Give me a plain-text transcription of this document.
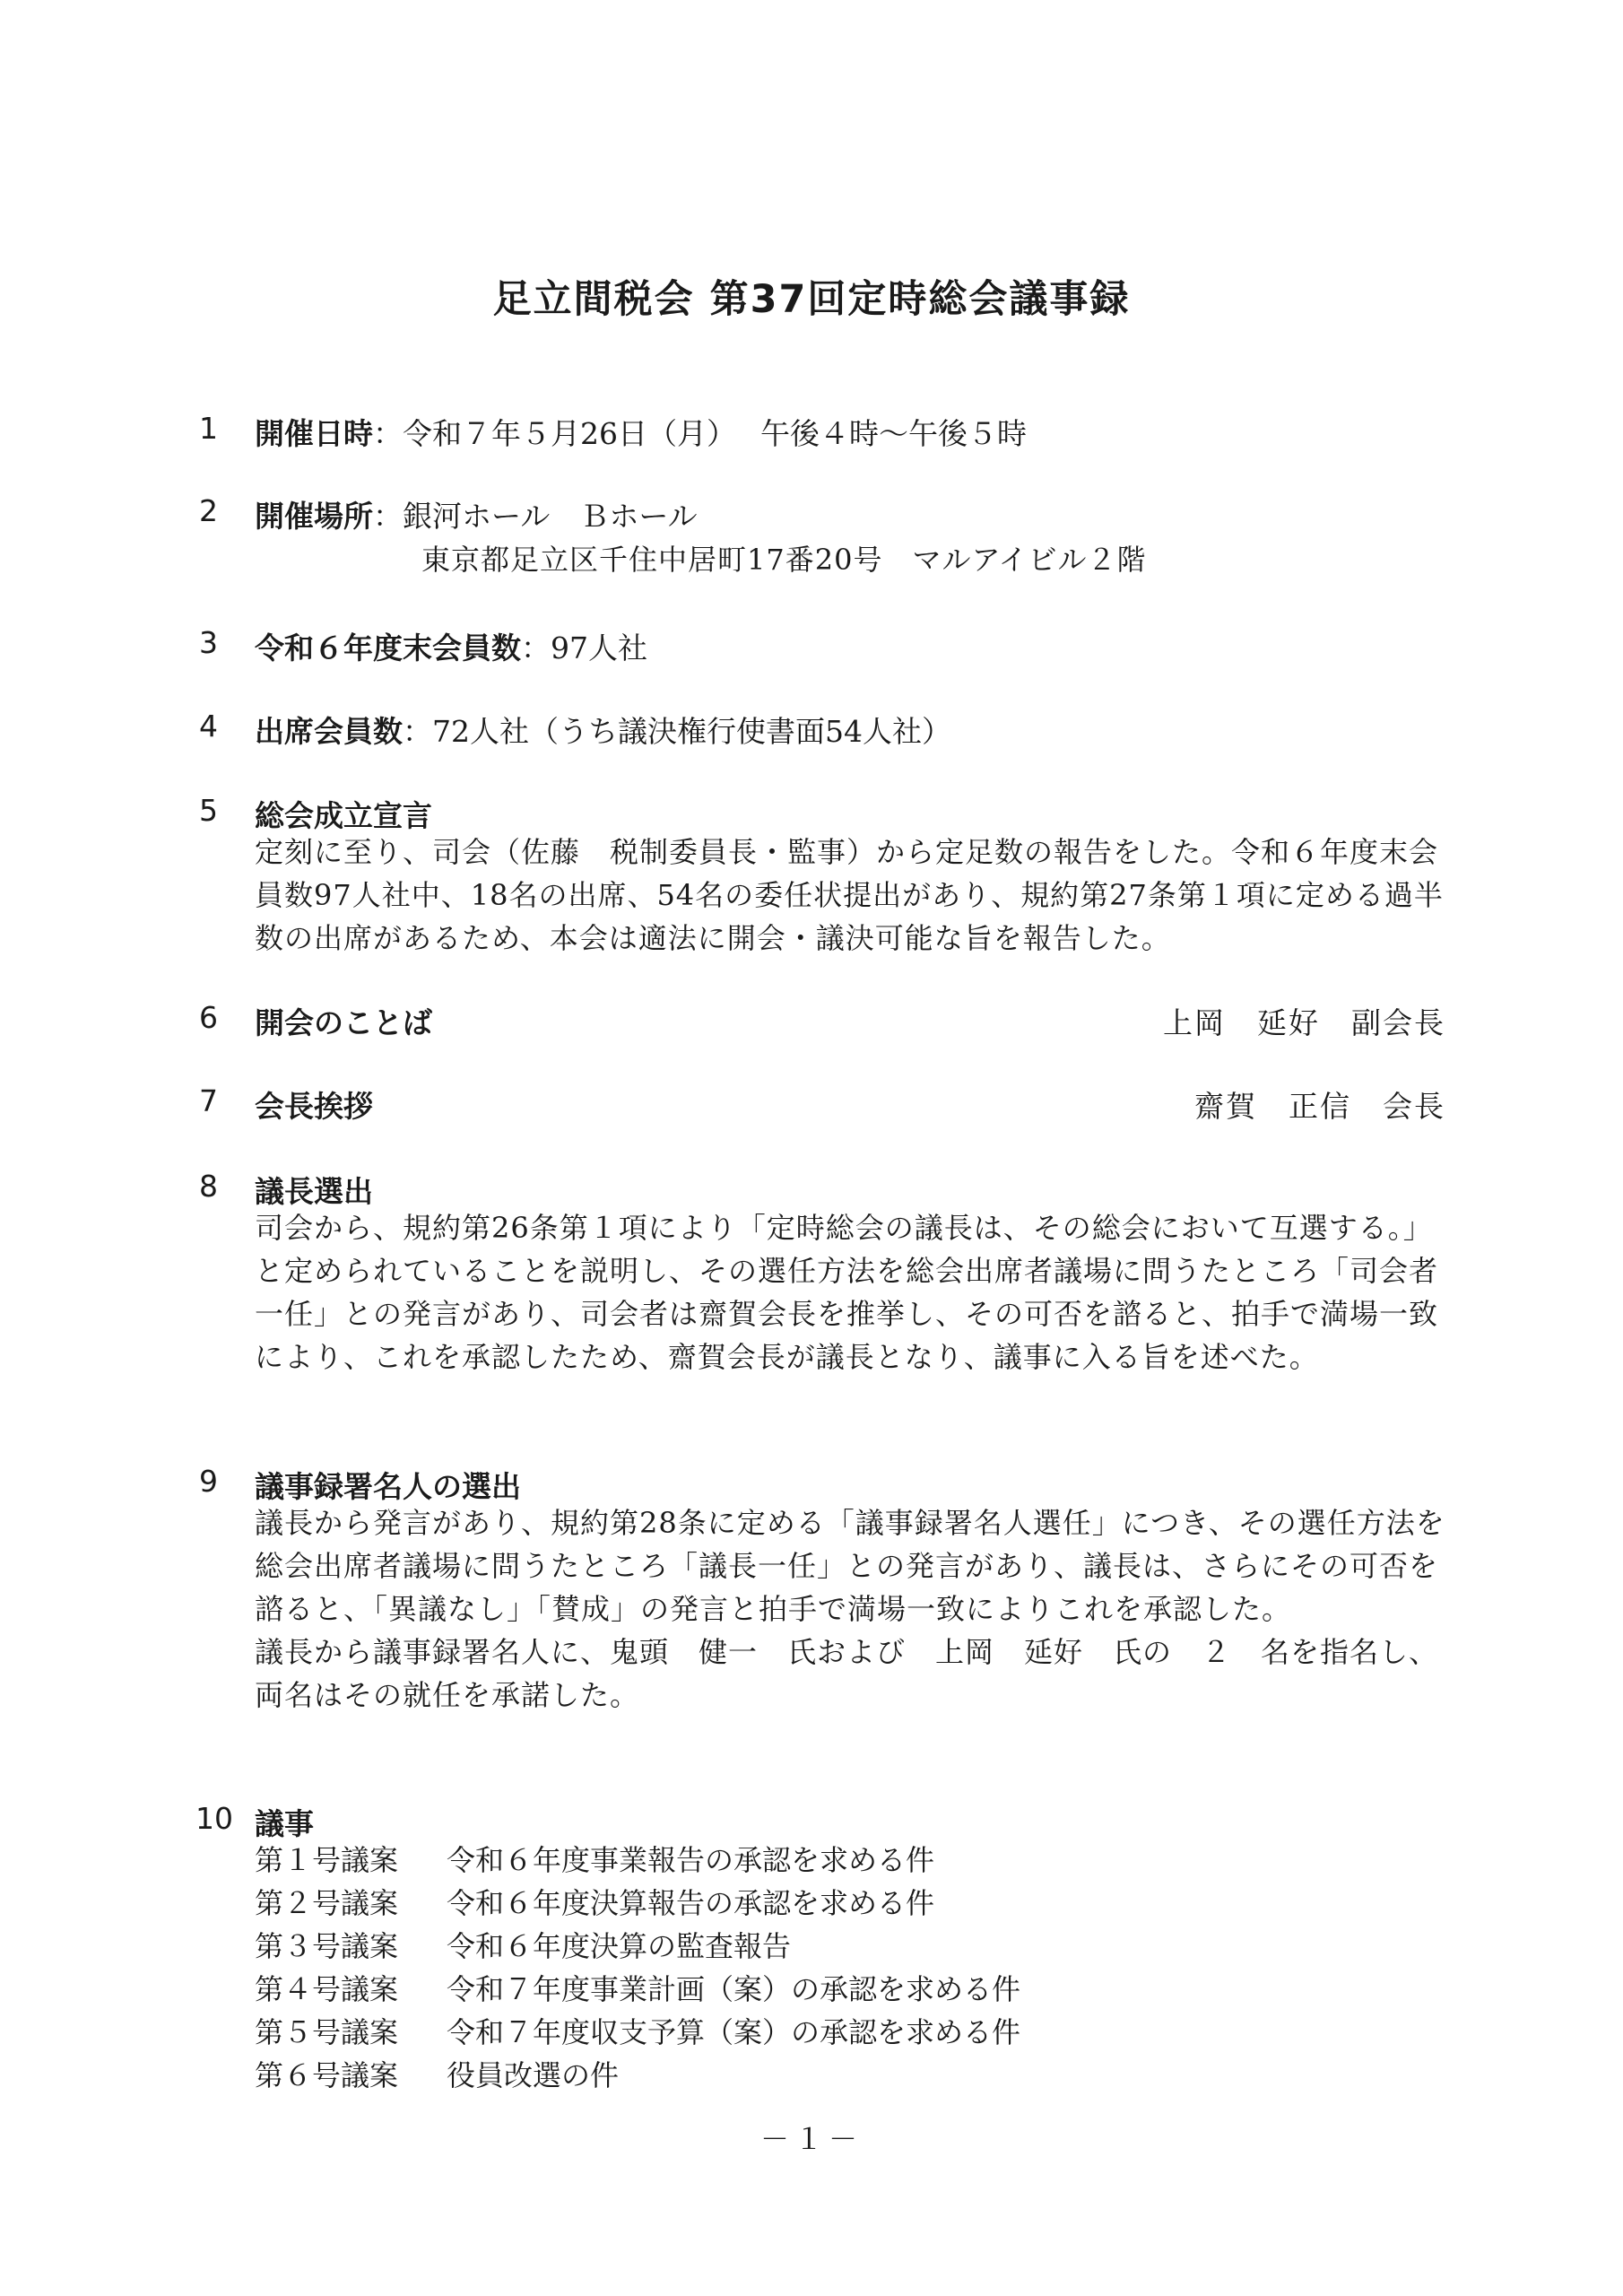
足立間税会 第37回定時総会議事録
1 開催日時：令和７年５月26日（月）　 午後４時～午後５時
2 開催場所：銀河ホール　Ｂホール
東京都足立区千住中居町17番20号　マルアイビル２階
3 令和６年度末会員数：97人社
4 出席会員数：72人社（うち議決権行使書面54人社）
5 総会成立宣言
定刻に至り、司会（佐藤　税制委員長・監事）から定足数の報告をした。令和６年度末会員数97人社中、18名の出席、54名の委任状提出があり、規約第27条第１項に定める過半数の出席があるため、本会は適法に開会・議決可能な旨を報告した。
6 開会のことば	上岡　延好　副会長
7 会長挨拶	齋賀　正信　会長
8 議長選出
司会から、規約第26条第１項により「定時総会の議長は、その総会において互選する。」と定められていることを説明し、その選任方法を総会出席者議場に問うたところ「司会者一任」との発言があり、司会者は齋賀会長を推挙し、その可否を諮ると、拍手で満場一致により、これを承認したため、齋賀会長が議長となり、議事に入る旨を述べた。
9 議事録署名人の選出
議長から発言があり、規約第28条に定める「議事録署名人選任」につき、その選任方法を総会出席者議場に問うたところ「議長一任」との発言があり、議長は、さらにその可否を諮ると、「異議なし」「賛成」の発言と拍手で満場一致によりこれを承認した。
議長から議事録署名人に、鬼頭　健一　氏および　上岡　延好　氏の　２　名を指名し、両名はその就任を承諾した。
10 議事
第１号議案	令和６年度事業報告の承認を求める件
第２号議案	令和６年度決算報告の承認を求める件
第３号議案	令和６年度決算の監査報告
第４号議案	令和７年度事業計画（案）の承認を求める件
第５号議案	令和７年度収支予算（案）の承認を求める件
第６号議案	役員改選の件
－１－
